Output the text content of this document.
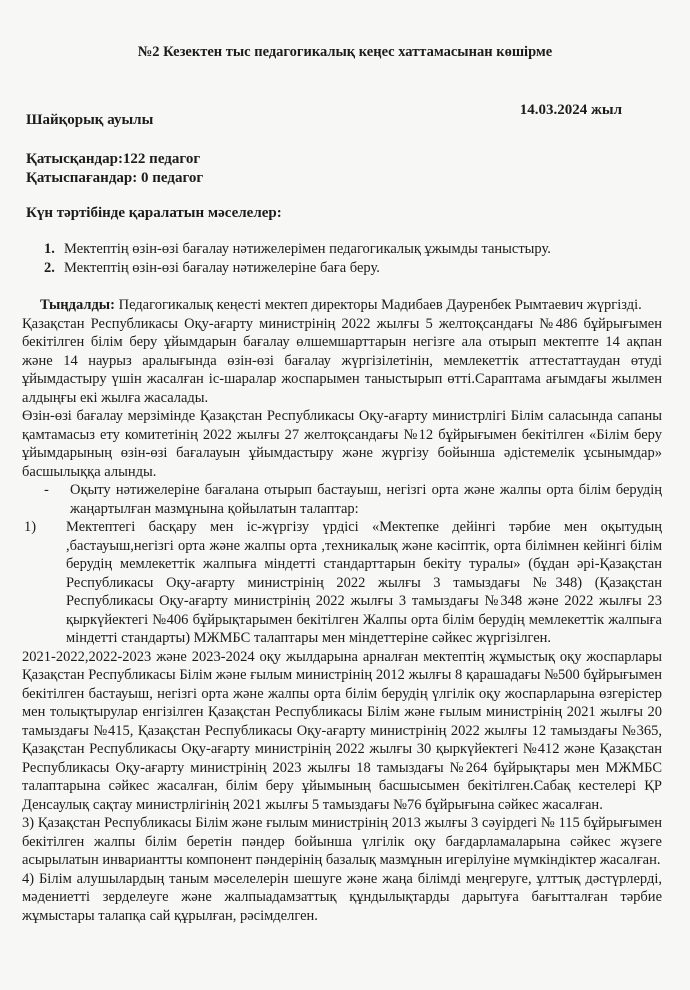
№2 Кезектен тыс педагогикалық кеңес хаттамасынан көшірме
14.03.2024 жыл
Шайқорық ауылы
Қатысқандар:122 педагог
Қатыспағандар: 0 педагог
Күн тәртібінде қаралатын мәселелер:
1. Мектептің өзін-өзі бағалау нәтижелерімен педагогикалық ұжымды таныстыру.
2. Мектептің өзін-өзі бағалау нәтижелеріне баға беру.

Тыңдалды: Педагогикалық кеңесті мектеп директоры Мадибаев Дауренбек Рымтаевич жүргізді.

Қазақстан Республикасы Оқу-ағарту министрінің 2022 жылғы 5 желтоқсандағы №486 бұйрығымен бекітілген білім беру ұйымдарын бағалау өлшемшарттарын негізге ала отырып мектепте 14 ақпан және 14 наурыз аралығында өзін-өзі бағалау жүргізілетінін, мемлекеттік аттестаттаудан өтуді ұйымдастыру үшін жасалған іс-шаралар жоспарымен таныстырып өтті.Сараптама ағымдағы жылмен алдыңғы екі жылға жасалады.

Өзін-өзі бағалау мерзімінде Қазақстан Республикасы Оқу-ағарту министрлігі Білім саласында сапаны қамтамасыз ету комитетінің 2022 жылғы 27 желтоқсандағы №12 бұйрығымен бекітілген «Білім беру ұйымдарының өзін-өзі бағалауын ұйымдастыру және жүргізу бойынша әдістемелік ұсынымдар» басшылыққа алынды.

-	Оқыту нәтижелеріне бағалана отырып бастауыш, негізгі орта және жалпы орта білім берудің жаңартылған мазмұнына қойылатын талаптар:
1)	Мектептегі басқару мен іс-жүргізу үрдісі «Мектепке дейінгі тәрбие мен оқытудың ,бастауыш,негізгі орта және жалпы орта ,техникалық және кәсіптік, орта білімнен кейінгі білім берудің мемлекеттік жалпыға міндетті стандарттарын бекіту туралы» (бұдан әрі-Қазақстан Республикасы Оқу-ағарту министрінің 2022 жылғы 3 тамыздағы №348) (Қазақстан Республикасы Оқу-ағарту министрінің 2022 жылғы 3 тамыздағы №348 және 2022 жылғы 23 қыркүйектегі №406 бұйрықтарымен бекітілген Жалпы орта білім берудің мемлекеттік жалпыға міндетті стандарты) МЖМБС талаптары мен міндеттеріне сәйкес жүргізілген.

2021-2022,2022-2023 және 2023-2024 оқу жылдарына арналған мектептің жұмыстық оқу жоспарлары Қазақстан Республикасы Білім және ғылым министрінің 2012 жылғы 8 қарашадағы №500 бұйрығымен бекітілген бастауыш, негізгі орта және жалпы орта білім берудің үлгілік оқу жоспарларына өзгерістер мен толықтырулар енгізілген Қазақстан Республикасы Білім және ғылым министрінің 2021 жылғы 20 тамыздағы №415, Қазақстан Республикасы Оқу-ағарту министрінің 2022 жылғы 12 тамыздағы №365, Қазақстан Республикасы Оқу-ағарту министрінің 2022 жылғы 30 қыркүйектегі №412 және Қазақстан Республикасы Оқу-ағарту министрінің 2023 жылғы 18 тамыздағы №264 бұйрықтары мен МЖМБС талаптарына сәйкес жасалған, білім беру ұйымының басшысымен бекітілген.Сабақ кестелері ҚР Денсаулық сақтау министрлігінің 2021 жылғы 5 тамыздағы №76 бұйрығына сәйкес жасалған.

3) Қазақстан Республикасы Білім және ғылым министрінің 2013 жылғы 3 сәуірдегі № 115 бұйрығымен бекітілген жалпы білім беретін пәндер бойынша үлгілік оқу бағдарламаларына сәйкес жүзеге асырылатын инвариантты компонент пәндерінің базалық мазмұнын игерілуіне мүмкіндіктер жасалған.

4) Білім алушылардың таным мәселелерін шешуге және жаңа білімді меңгеруге, ұлттық дәстүрлерді, мәдениетті зерделеуге және жалпыадамзаттық құндылықтарды дарытуға бағытталған тәрбие жұмыстары талапқа сай құрылған, рәсімделген.
